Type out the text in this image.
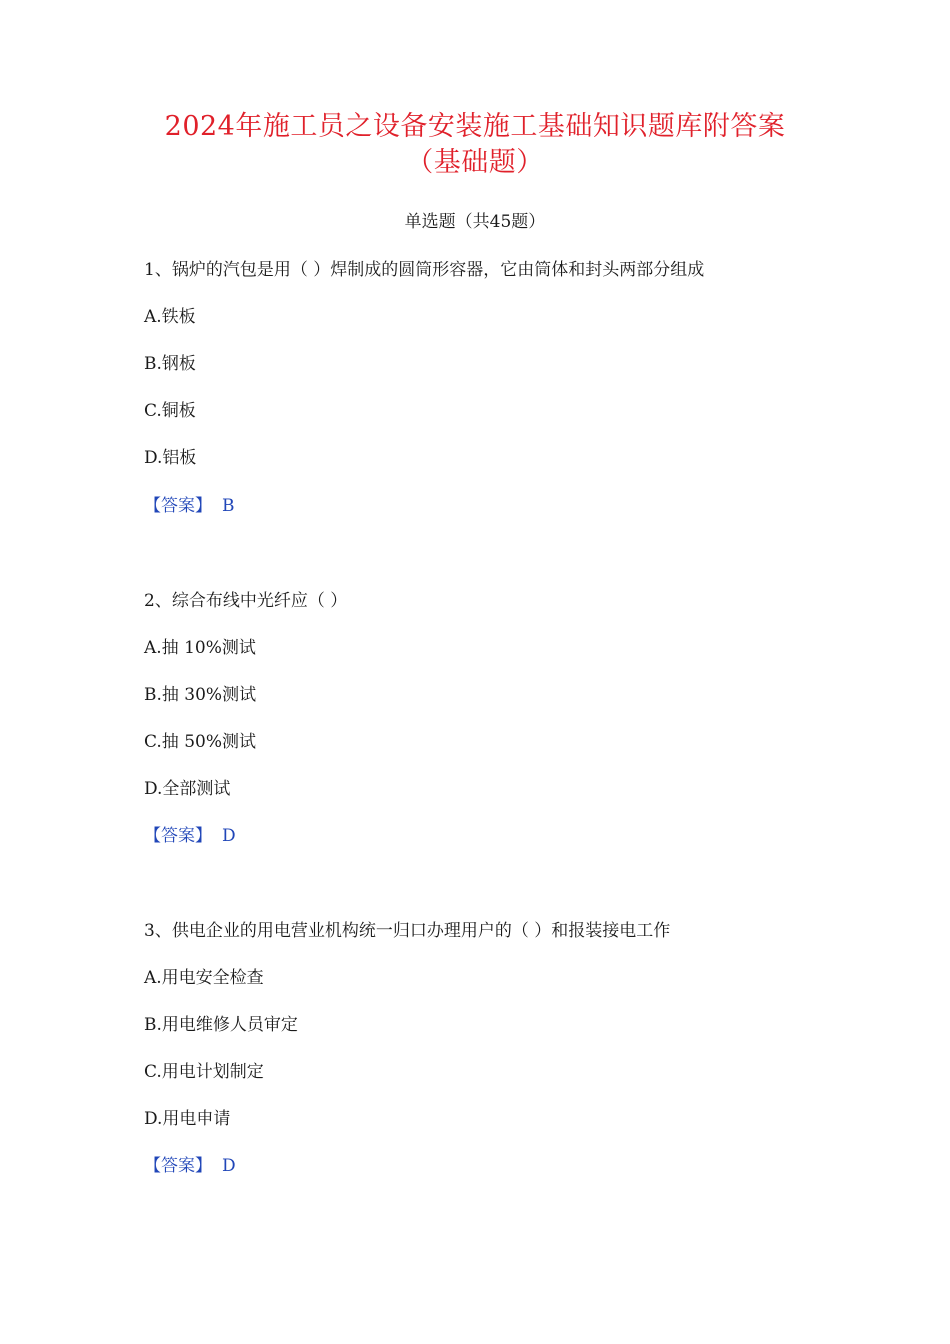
2024年施工员之设备安装施工基础知识题库附答案
（基础题）
单选题（共45题）
1、锅炉的汽包是用（ ）焊制成的圆筒形容器，它由筒体和封头两部分组成
A.铁板
B.钢板
C.铜板
D.铝板
【答案】 B
2、综合布线中光纤应（ ）
A.抽 10%测试
B.抽 30%测试
C.抽 50%测试
D.全部测试
【答案】 D
3、供电企业的用电营业机构统一归口办理用户的（ ）和报装接电工作
A.用电安全检查
B.用电维修人员审定
C.用电计划制定
D.用电申请
【答案】 D
